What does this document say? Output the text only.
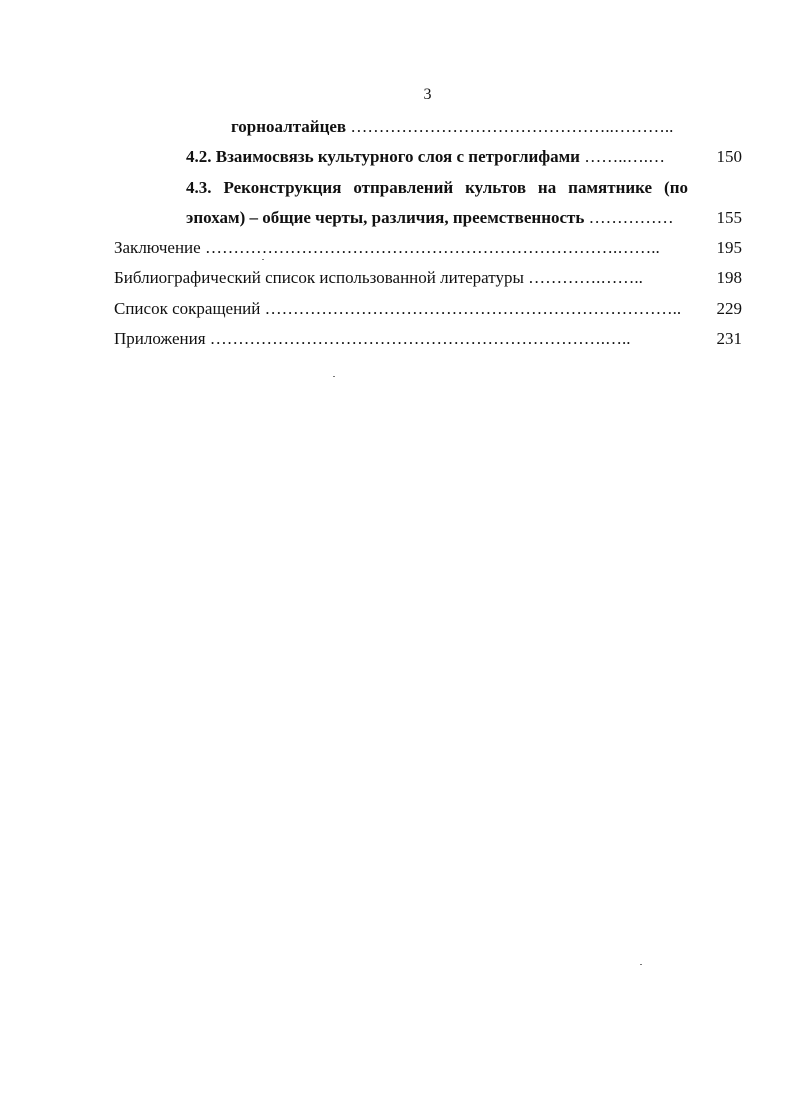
3
горноалтайцев ………………………………………..………..
4.2. Взаимосвязь культурного слоя с петроглифами ……..….…	150
4.3. Реконструкция отправлений культов на памятнике (по
эпохам) – общие черты, различия, преемственность ……………	155
Заключение ……………………………………………………………….……..	195
Библиографический список использованной литературы ………….……..	198
Список сокращений ……………………………………………………………….. 229
Приложения …………………………………………………………….…..	231
